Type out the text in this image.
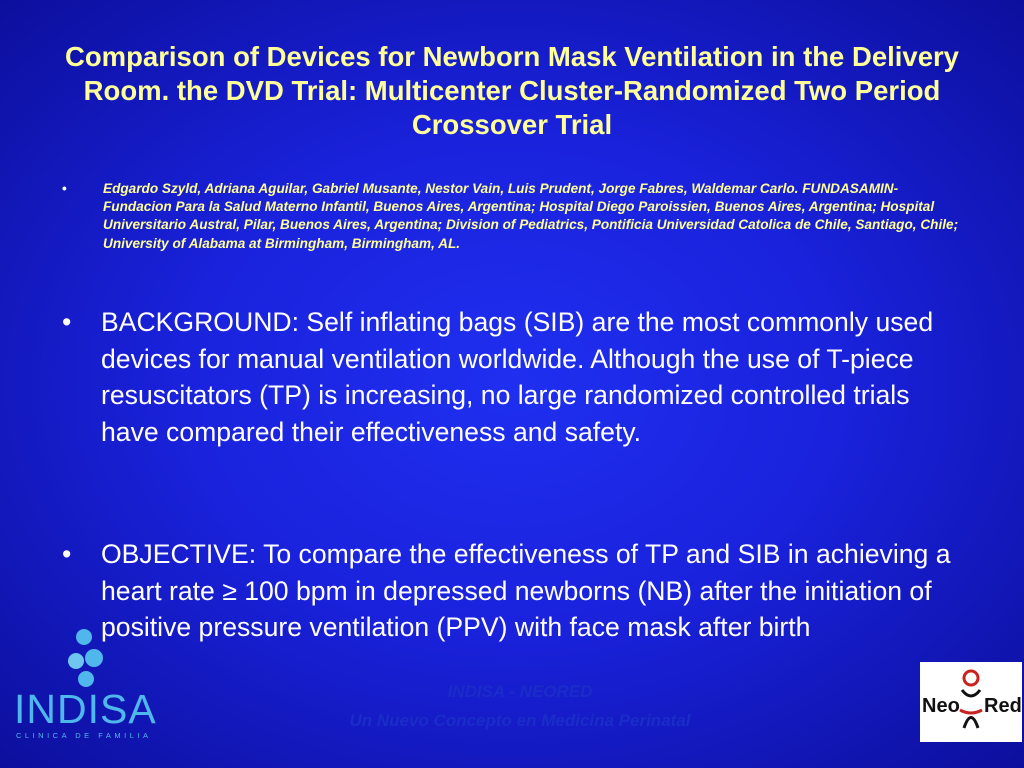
Comparison of Devices for Newborn Mask Ventilation in the Delivery Room. the DVD Trial: Multicenter Cluster-Randomized Two Period Crossover Trial
•	Edgardo Szyld, Adriana Aguilar, Gabriel Musante, Nestor Vain, Luis Prudent, Jorge Fabres, Waldemar Carlo. FUNDASAMIN-Fundacion Para la Salud Materno Infantil, Buenos Aires, Argentina; Hospital Diego Paroissien, Buenos Aires, Argentina; Hospital Universitario Austral, Pilar, Buenos Aires, Argentina; Division of Pediatrics, Pontificia Universidad Catolica de Chile, Santiago, Chile; University of Alabama at Birmingham, Birmingham, AL.
• BACKGROUND: Self inflating bags (SIB) are the most commonly used devices for manual ventilation worldwide. Although the use of T-piece resuscitators (TP) is increasing, no large randomized controlled trials have compared their effectiveness and safety.
INDISA
CLINICA DE FAMILIA
• OBJECTIVE: To compare the effectiveness of TP and SIB in achieving a heart rate ≥ 100 bpm in depressed newborns (NB) after the initiation of positive pressure ventilation (PPV) with face mask after birth
INDISA - NEORED
Un Nuevo Concepto en Medicina Perinatal
Neo Red
